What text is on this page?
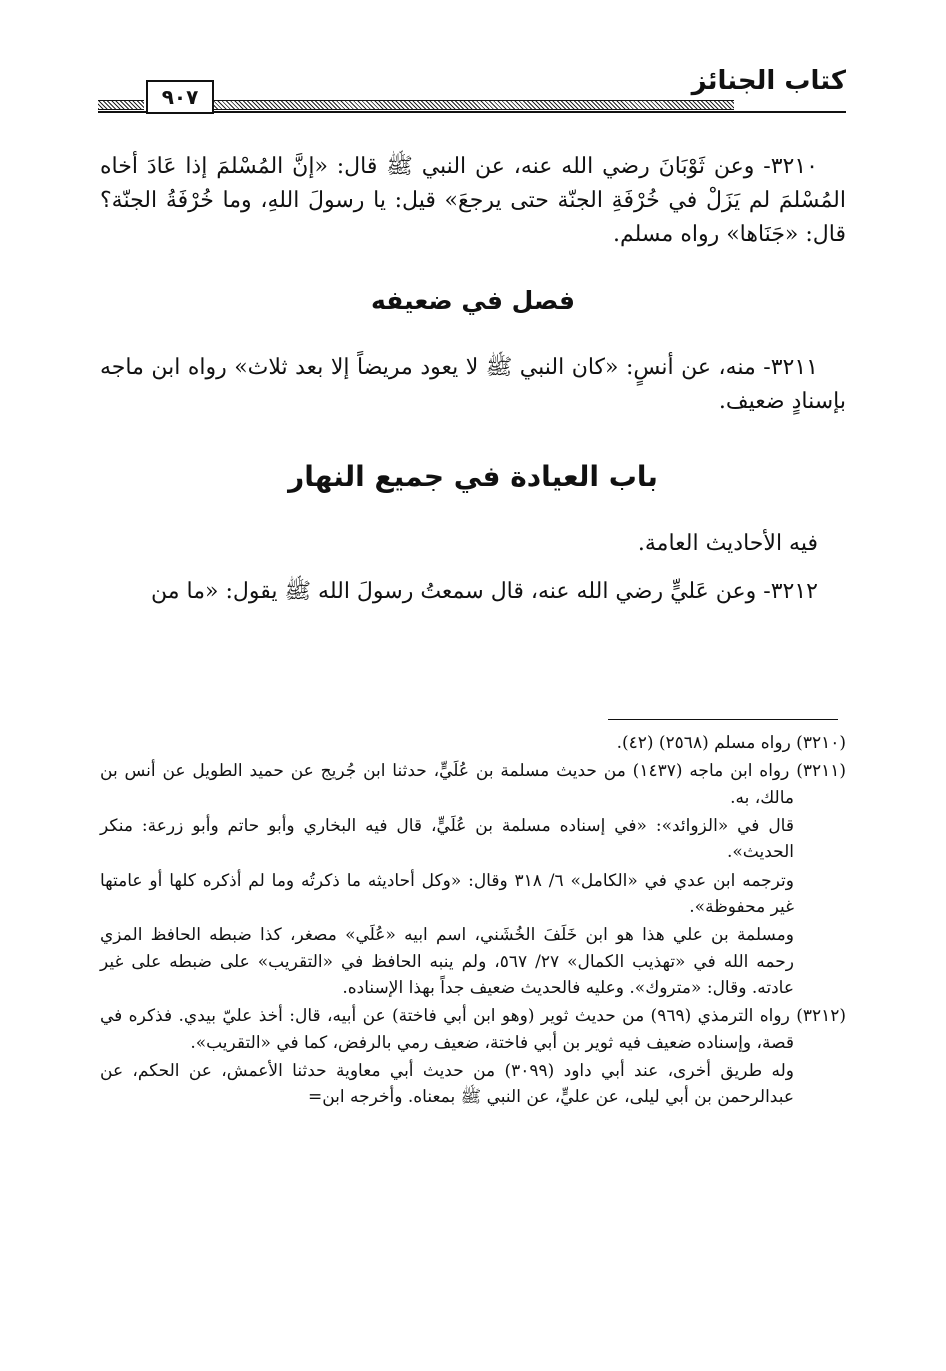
كتاب الجنائز
٩٠٧

٣٢١٠- وعن ثَوْبَانَ رضي الله عنه، عن النبي ﷺ قال: «إنَّ المُسْلمَ إذا عَادَ أخاه المُسْلمَ لم يَزَلْ في خُرْفَةِ الجنّة حتى يرجعَ» قيل: يا رسولَ اللهِ، وما خُرْفَةُ الجنّة؟ قال: «جَنَاها» رواه مسلم.

فصل في ضعيفه

٣٢١١- منه، عن أنسٍ: «كان النبي ﷺ لا يعود مريضاً إلا بعد ثلاث» رواه ابن ماجه بإسنادٍ ضعيف.

باب العيادة في جميع النهار

فيه الأحاديث العامة.

٣٢١٢- وعن عَليٍّ رضي الله عنه، قال سمعتُ رسولَ الله ﷺ يقول: «ما من

(٣٢١٠) رواه مسلم (٢٥٦٨) (٤٢).

(٣٢١١) رواه ابن ماجه (١٤٣٧) من حديث مسلمة بن عُلَيٍّ، حدثنا ابن جُريج عن حميد الطويل عن أنس بن مالك، به.

قال في «الزوائد»: «في إسناده مسلمة بن عُلَيٍّ، قال فيه البخاري وأبو حاتم وأبو زرعة: منكر الحديث».

وترجمه ابن عدي في «الكامل» ٦/ ٣١٨ وقال: «وكل أحاديثه ما ذكرتُه وما لم أذكره كلها أو عامتها غير محفوظة».

ومسلمة بن علي هذا هو ابن خَلَفَ الخُشَني، اسم ابيه «عُلَي» مصغر، كذا ضبطه الحافظ المزي رحمه الله في «تهذيب الكمال» ٢٧/ ٥٦٧، ولم ينبه الحافظ في «التقريب» على ضبطه على غير عادته. وقال: «متروك». وعليه فالحديث ضعيف جداً بهذا الإسناده.

(٣٢١٢) رواه الترمذي (٩٦٩) من حديث ثوير (وهو ابن أبي فاختة) عن أبيه، قال: أخذ عليّ بيدي. فذكره في قصة، وإسناده ضعيف فيه ثوير بن أبي فاختة، ضعيف رمي بالرفض، كما في «التقريب».

وله طريق أخرى، عند أبي داود (٣٠٩٩) من حديث أبي معاوية حدثنا الأعمش، عن الحكم، عن عبدالرحمن بن أبي ليلى، عن عليٍّ، عن النبي ﷺ بمعناه. وأخرجه ابن=
